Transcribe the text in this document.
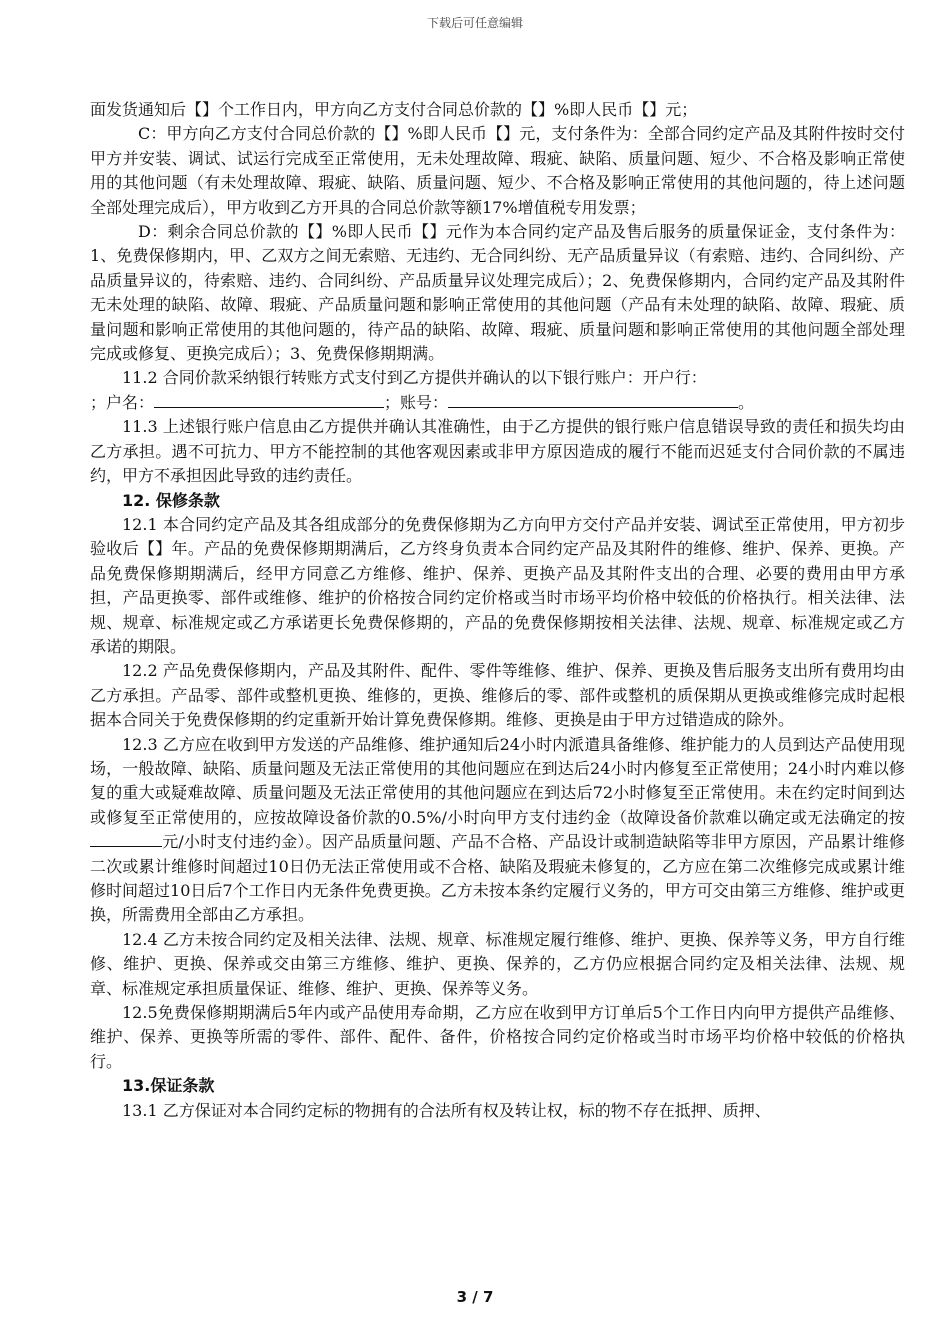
下载后可任意编辑

面发货通知后【】个工作日内，甲方向乙方支付合同总价款的【】%即人民币【】元；

C：甲方向乙方支付合同总价款的【】%即人民币【】元，支付条件为：全部合同约定产品及其附件按时交付甲方并安装、调试、试运行完成至正常使用，无未处理故障、瑕疵、缺陷、质量问题、短少、不合格及影响正常使用的其他问题（有未处理故障、瑕疵、缺陷、质量问题、短少、不合格及影响正常使用的其他问题的，待上述问题全部处理完成后），甲方收到乙方开具的合同总价款等额17%增值税专用发票；

D：剩余合同总价款的【】%即人民币【】元作为本合同约定产品及售后服务的质量保证金，支付条件为：1、免费保修期内，甲、乙双方之间无索赔、无违约、无合同纠纷、无产品质量异议（有索赔、违约、合同纠纷、产品质量异议的，待索赔、违约、合同纠纷、产品质量异议处理完成后）；2、免费保修期内，合同约定产品及其附件无未处理的缺陷、故障、瑕疵、产品质量问题和影响正常使用的其他问题（产品有未处理的缺陷、故障、瑕疵、质量问题和影响正常使用的其他问题的，待产品的缺陷、故障、瑕疵、质量问题和影响正常使用的其他问题全部处理完成或修复、更换完成后）；3、免费保修期期满。

11.2 合同价款采纳银行转账方式支付到乙方提供并确认的以下银行账户：开户行：
；户名：	；账号：	。

11.3 上述银行账户信息由乙方提供并确认其准确性，由于乙方提供的银行账户信息错误导致的责任和损失均由乙方承担。遇不可抗力、甲方不能控制的其他客观因素或非甲方原因造成的履行不能而迟延支付合同价款的不属违约，甲方不承担因此导致的违约责任。

12. 保修条款

12.1 本合同约定产品及其各组成部分的免费保修期为乙方向甲方交付产品并安装、调试至正常使用，甲方初步验收后【】年。产品的免费保修期期满后，乙方终身负责本合同约定产品及其附件的维修、维护、保养、更换。产品免费保修期期满后，经甲方同意乙方维修、维护、保养、更换产品及其附件支出的合理、必要的费用由甲方承担，产品更换零、部件或维修、维护的价格按合同约定价格或当时市场平均价格中较低的价格执行。相关法律、法规、规章、标准规定或乙方承诺更长免费保修期的，产品的免费保修期按相关法律、法规、规章、标准规定或乙方承诺的期限。

12.2 产品免费保修期内，产品及其附件、配件、零件等维修、维护、保养、更换及售后服务支出所有费用均由乙方承担。产品零、部件或整机更换、维修的，更换、维修后的零、部件或整机的质保期从更换或维修完成时起根据本合同关于免费保修期的约定重新开始计算免费保修期。维修、更换是由于甲方过错造成的除外。

12.3 乙方应在收到甲方发送的产品维修、维护通知后24小时内派遣具备维修、维护能力的人员到达产品使用现场，一般故障、缺陷、质量问题及无法正常使用的其他问题应在到达后24小时内修复至正常使用；24小时内难以修复的重大或疑难故障、质量问题及无法正常使用的其他问题应在到达后72小时修复至正常使用。未在约定时间到达或修复至正常使用的，应按故障设备价款的0.5%/小时向甲方支付违约金（故障设备价款难以确定或无法确定的按元/小时支付违约金）。因产品质量问题、产品不合格、产品设计或制造缺陷等非甲方原因，产品累计维修二次或累计维修时间超过10日仍无法正常使用或不合格、缺陷及瑕疵未修复的，乙方应在第二次维修完成或累计维修时间超过10日后7个工作日内无条件免费更换。乙方未按本条约定履行义务的，甲方可交由第三方维修、维护或更换，所需费用全部由乙方承担。

12.4 乙方未按合同约定及相关法律、法规、规章、标准规定履行维修、维护、更换、保养等义务，甲方自行维修、维护、更换、保养或交由第三方维修、维护、更换、保养的，乙方仍应根据合同约定及相关法律、法规、规章、标准规定承担质量保证、维修、维护、更换、保养等义务。

12.5免费保修期期满后5年内或产品使用寿命期，乙方应在收到甲方订单后5个工作日内向甲方提供产品维修、维护、保养、更换等所需的零件、部件、配件、备件，价格按合同约定价格或当时市场平均价格中较低的价格执行。

13.保证条款

13.1 乙方保证对本合同约定标的物拥有的合法所有权及转让权，标的物不存在抵押、质押、

3 / 7
